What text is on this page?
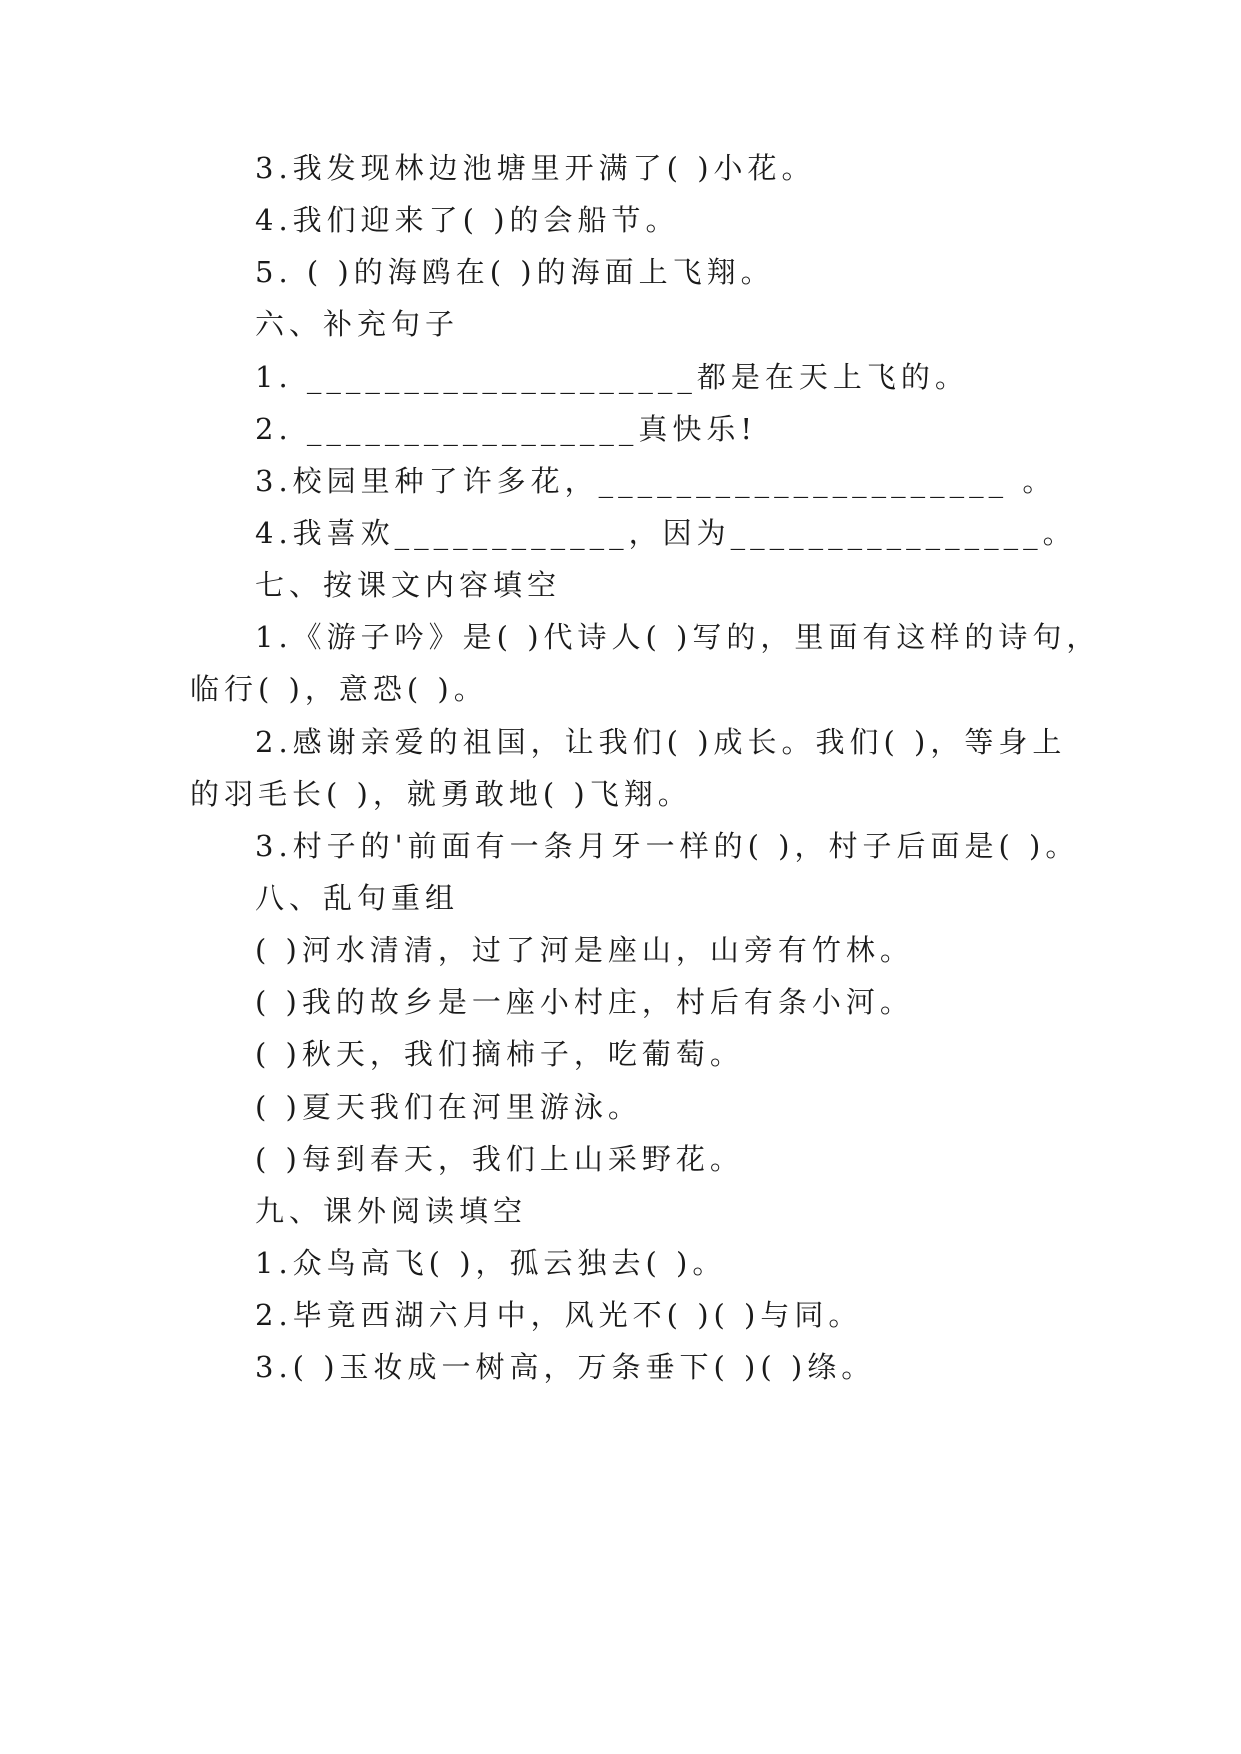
3.我发现林边池塘里开满了( )小花。
4.我们迎来了( )的会船节。
5. ( )的海鸥在( )的海面上飞翔。
六、补充句子
1. ____________________都是在天上飞的。
2. _________________真快乐!
3.校园里种了许多花，_____________________ 。
4.我喜欢____________，因为________________。
七、按课文内容填空
1.《游子吟》是( )代诗人( )写的，里面有这样的诗句，
临行( )，意恐( )。
2.感谢亲爱的祖国，让我们( )成长。我们( )，等身上
的羽毛长( )，就勇敢地( )飞翔。
3.村子的'前面有一条月牙一样的( )，村子后面是( )。
八、乱句重组
( )河水清清，过了河是座山，山旁有竹林。
( )我的故乡是一座小村庄，村后有条小河。
( )秋天，我们摘柿子，吃葡萄。
( )夏天我们在河里游泳。
( )每到春天，我们上山采野花。
九、课外阅读填空
1.众鸟高飞( )，孤云独去( )。
2.毕竟西湖六月中，风光不( )( )与同。
3.( )玉妆成一树高，万条垂下( )( )绦。
